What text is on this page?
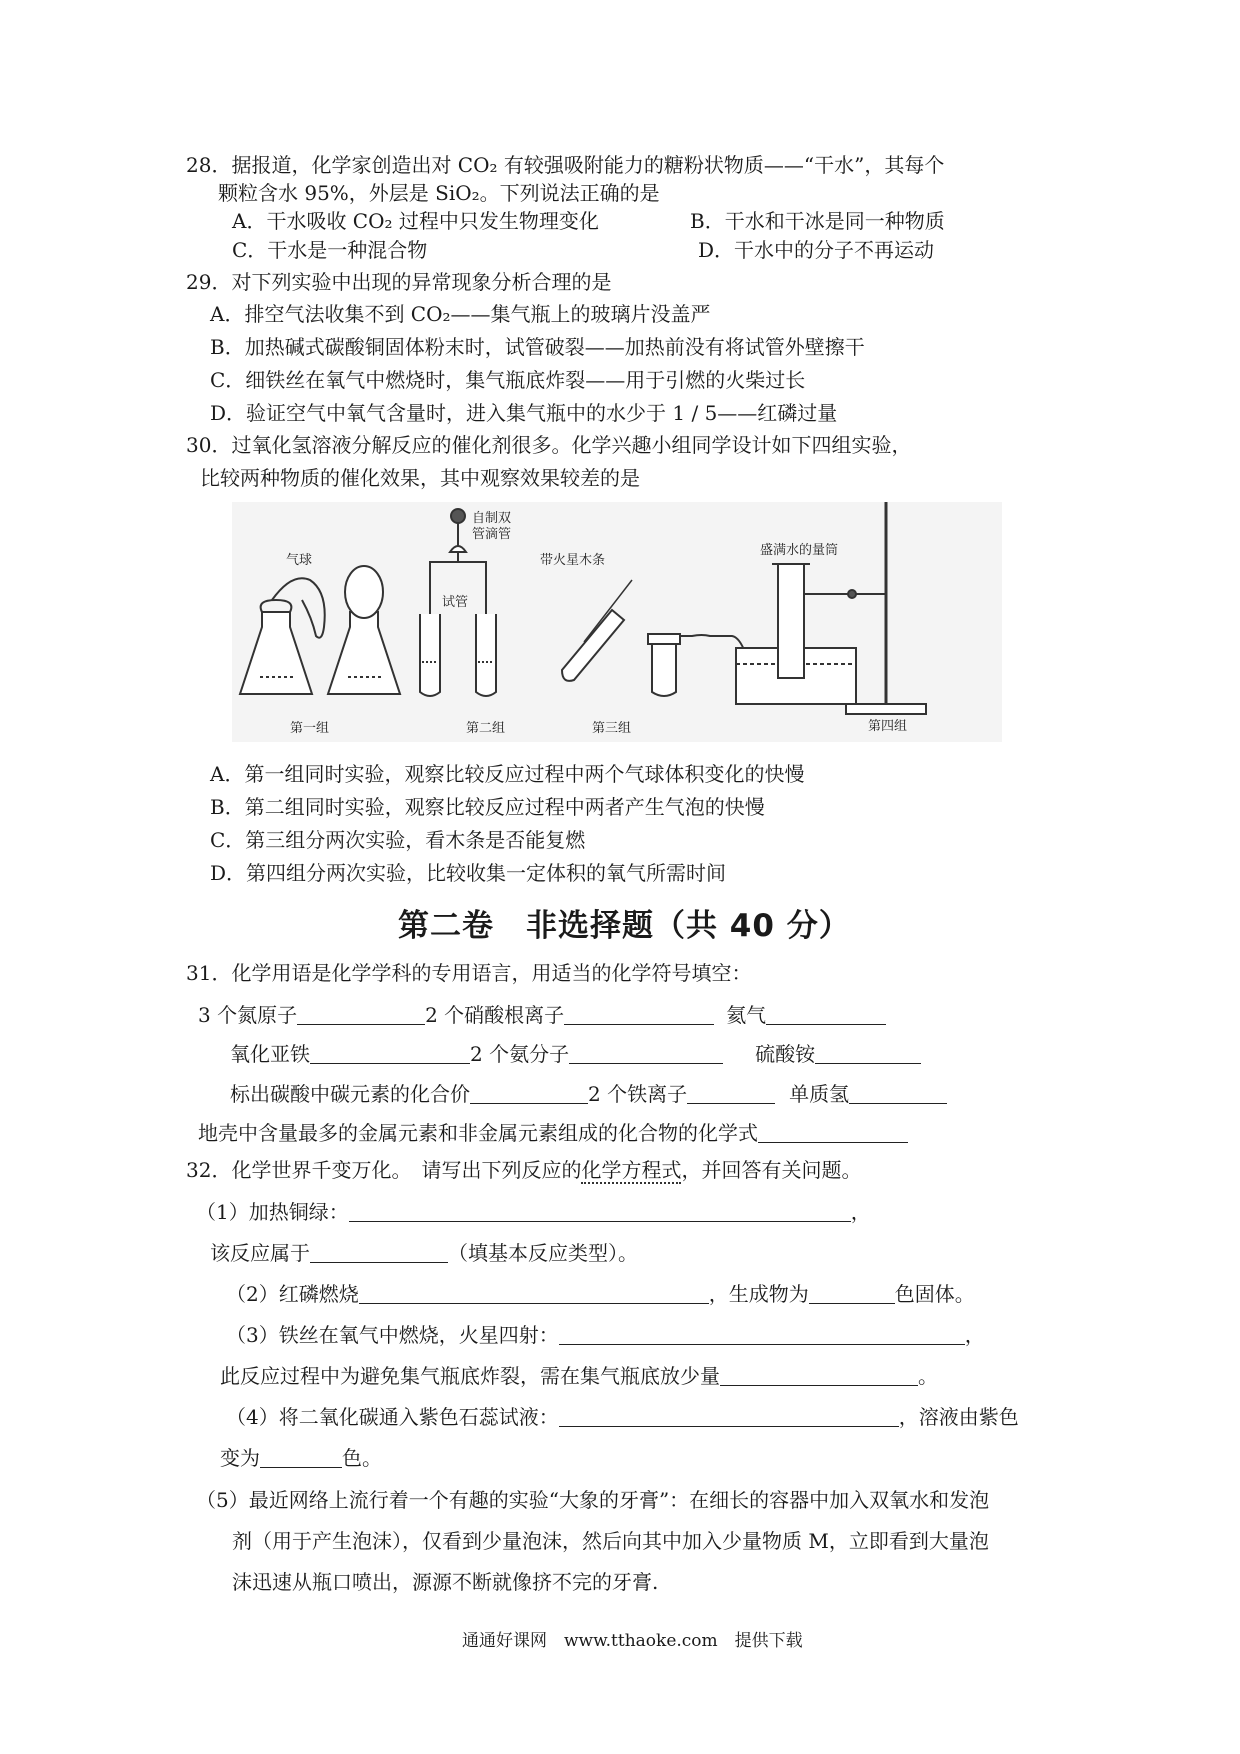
28．据报道，化学家创造出对 CO₂ 有较强吸附能力的糖粉状物质——“干水”，其每个
颗粒含水 95%，外层是 SiO₂。下列说法正确的是
A．干水吸收 CO₂ 过程中只发生物理变化	B．干水和干冰是同一种物质
C．干水是一种混合物	D．干水中的分子不再运动
29．对下列实验中出现的异常现象分析合理的是
A．排空气法收集不到 CO₂——集气瓶上的玻璃片没盖严
B．加热碱式碳酸铜固体粉末时，试管破裂——加热前没有将试管外壁擦干
C．细铁丝在氧气中燃烧时，集气瓶底炸裂——用于引燃的火柴过长
D．验证空气中氧气含量时，进入集气瓶中的水少于 1 / 5——红磷过量
30．过氧化氢溶液分解反应的催化剂很多。化学兴趣小组同学设计如下四组实验，
比较两种物质的催化效果，其中观察效果较差的是
气球
自制双
管滴管
试管
带火星木条
盛满水的量筒
第一组	第二组	第三组	第四组
A．第一组同时实验，观察比较反应过程中两个气球体积变化的快慢
B．第二组同时实验，观察比较反应过程中两者产生气泡的快慢
C．第三组分两次实验，看木条是否能复燃
D．第四组分两次实验，比较收集一定体积的氧气所需时间
第二卷　非选择题（共 40 分）
31．化学用语是化学学科的专用语言，用适当的化学符号填空：
3 个氮原子	2 个硝酸根离子	氦气
氧化亚铁	2 个氨分子	硫酸铵
标出碳酸中碳元素的化合价	2 个铁离子	单质氢
地壳中含量最多的金属元素和非金属元素组成的化合物的化学式
32．化学世界千变万化。　请写出下列反应的化学方程式，并回答有关问题。
（1）加热铜绿：	，
该反应属于	（填基本反应类型）。
（2）红磷燃烧	，生成物为	色固体。
（3）铁丝在氧气中燃烧，火星四射：	，
此反应过程中为避免集气瓶底炸裂，需在集气瓶底放少量	。
（4）将二氧化碳通入紫色石蕊试液：	，溶液由紫色
变为	色。
（5）最近网络上流行着一个有趣的实验“大象的牙膏”：在细长的容器中加入双氧水和发泡
剂（用于产生泡沫），仅看到少量泡沫，然后向其中加入少量物质 M，立即看到大量泡
沫迅速从瓶口喷出，源源不断就像挤不完的牙膏.
通通好课网　www.tthaoke.com　提供下载
